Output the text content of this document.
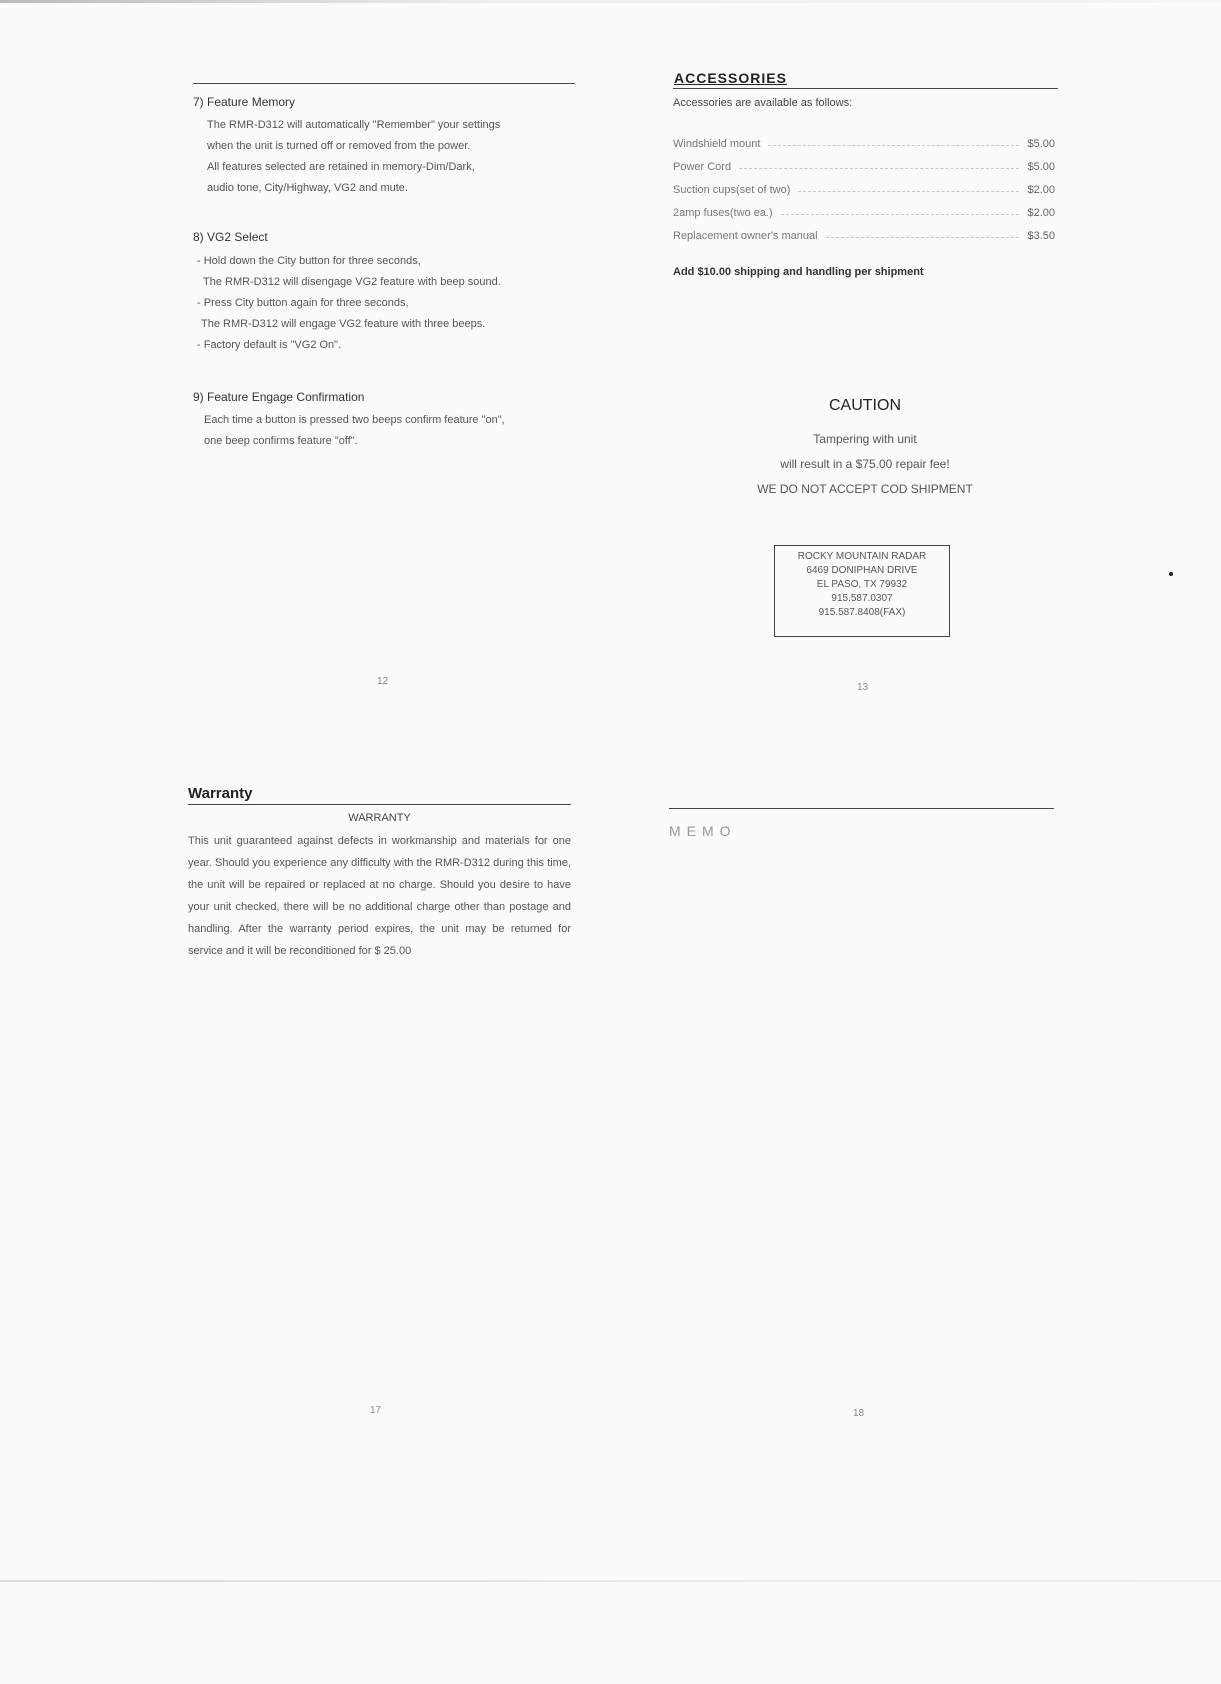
7) Feature Memory
The RMR-D312 will automatically "Remember" your settings
when the unit is turned off or removed from the power.
All features selected are retained in memory-Dim/Dark,
audio tone, City/Highway, VG2 and mute.
8) VG2 Select
- Hold down the City button for three seconds,
The RMR-D312 will disengage VG2 feature with beep sound.
- Press City button again for three seconds,
The RMR-D312 will engage VG2 feature with three beeps.
- Factory default is "VG2 On".
9) Feature Engage Confirmation
Each time a button is pressed two beeps confirm feature "on",
one beep confirms feature "off".
12
ACCESSORIES
Accessories are available as follows:
Windshield mount	$5.00
Power Cord	$5.00
Suction cups(set of two)	$2.00
2amp fuses(two ea.)	$2.00
Replacement owner's manual	$3.50
Add $10.00 shipping and handling per shipment
CAUTION
Tampering with unit
will result in a $75.00 repair fee!
WE DO NOT ACCEPT COD SHIPMENT
ROCKY MOUNTAIN RADAR
6469 DONIPHAN DRIVE
EL PASO, TX 79932
915.587.0307
915.587.8408(FAX)
13
Warranty
WARRANTY
This unit guaranteed against defects in workmanship and materials for one year. Should you experience any difficulty with the RMR-D312 during this time, the unit will be repaired or replaced at no charge. Should you desire to have your unit checked, there will be no additional charge other than postage and handling. After the warranty period expires, the unit may be returned for service and it will be reconditioned for $ 25.00
17
MEMO
18
